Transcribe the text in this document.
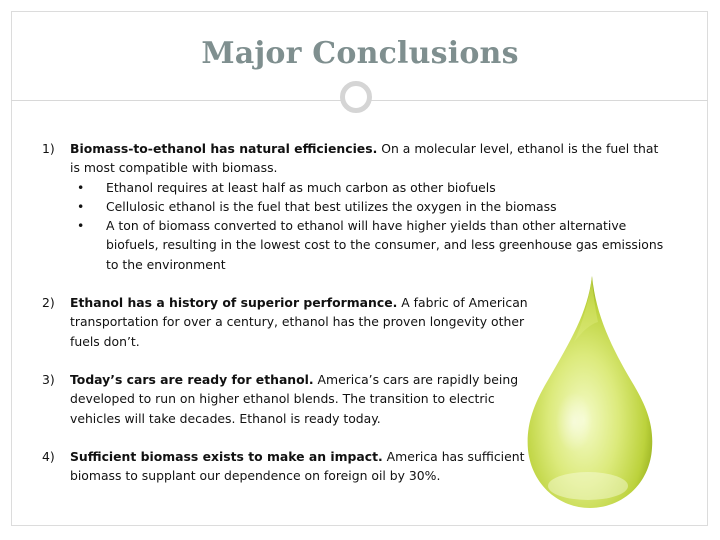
Major Conclusions
1) Biomass-to-ethanol has natural efficiencies. On a molecular level, ethanol is the fuel that is most compatible with biomass.
• Ethanol requires at least half as much carbon as other biofuels
• Cellulosic ethanol is the fuel that best utilizes the oxygen in the biomass
• A ton of biomass converted to ethanol will have higher yields than other alternative biofuels, resulting in the lowest cost to the consumer, and less greenhouse gas emissions to the environment
2) Ethanol has a history of superior performance. A fabric of American transportation for over a century, ethanol has the proven longevity other fuels don’t.
3) Today’s cars are ready for ethanol. America’s cars are rapidly being developed to run on higher ethanol blends. The transition to electric vehicles will take decades. Ethanol is ready today.
4) Sufficient biomass exists to make an impact. America has sufficient biomass to supplant our dependence on foreign oil by 30%.
